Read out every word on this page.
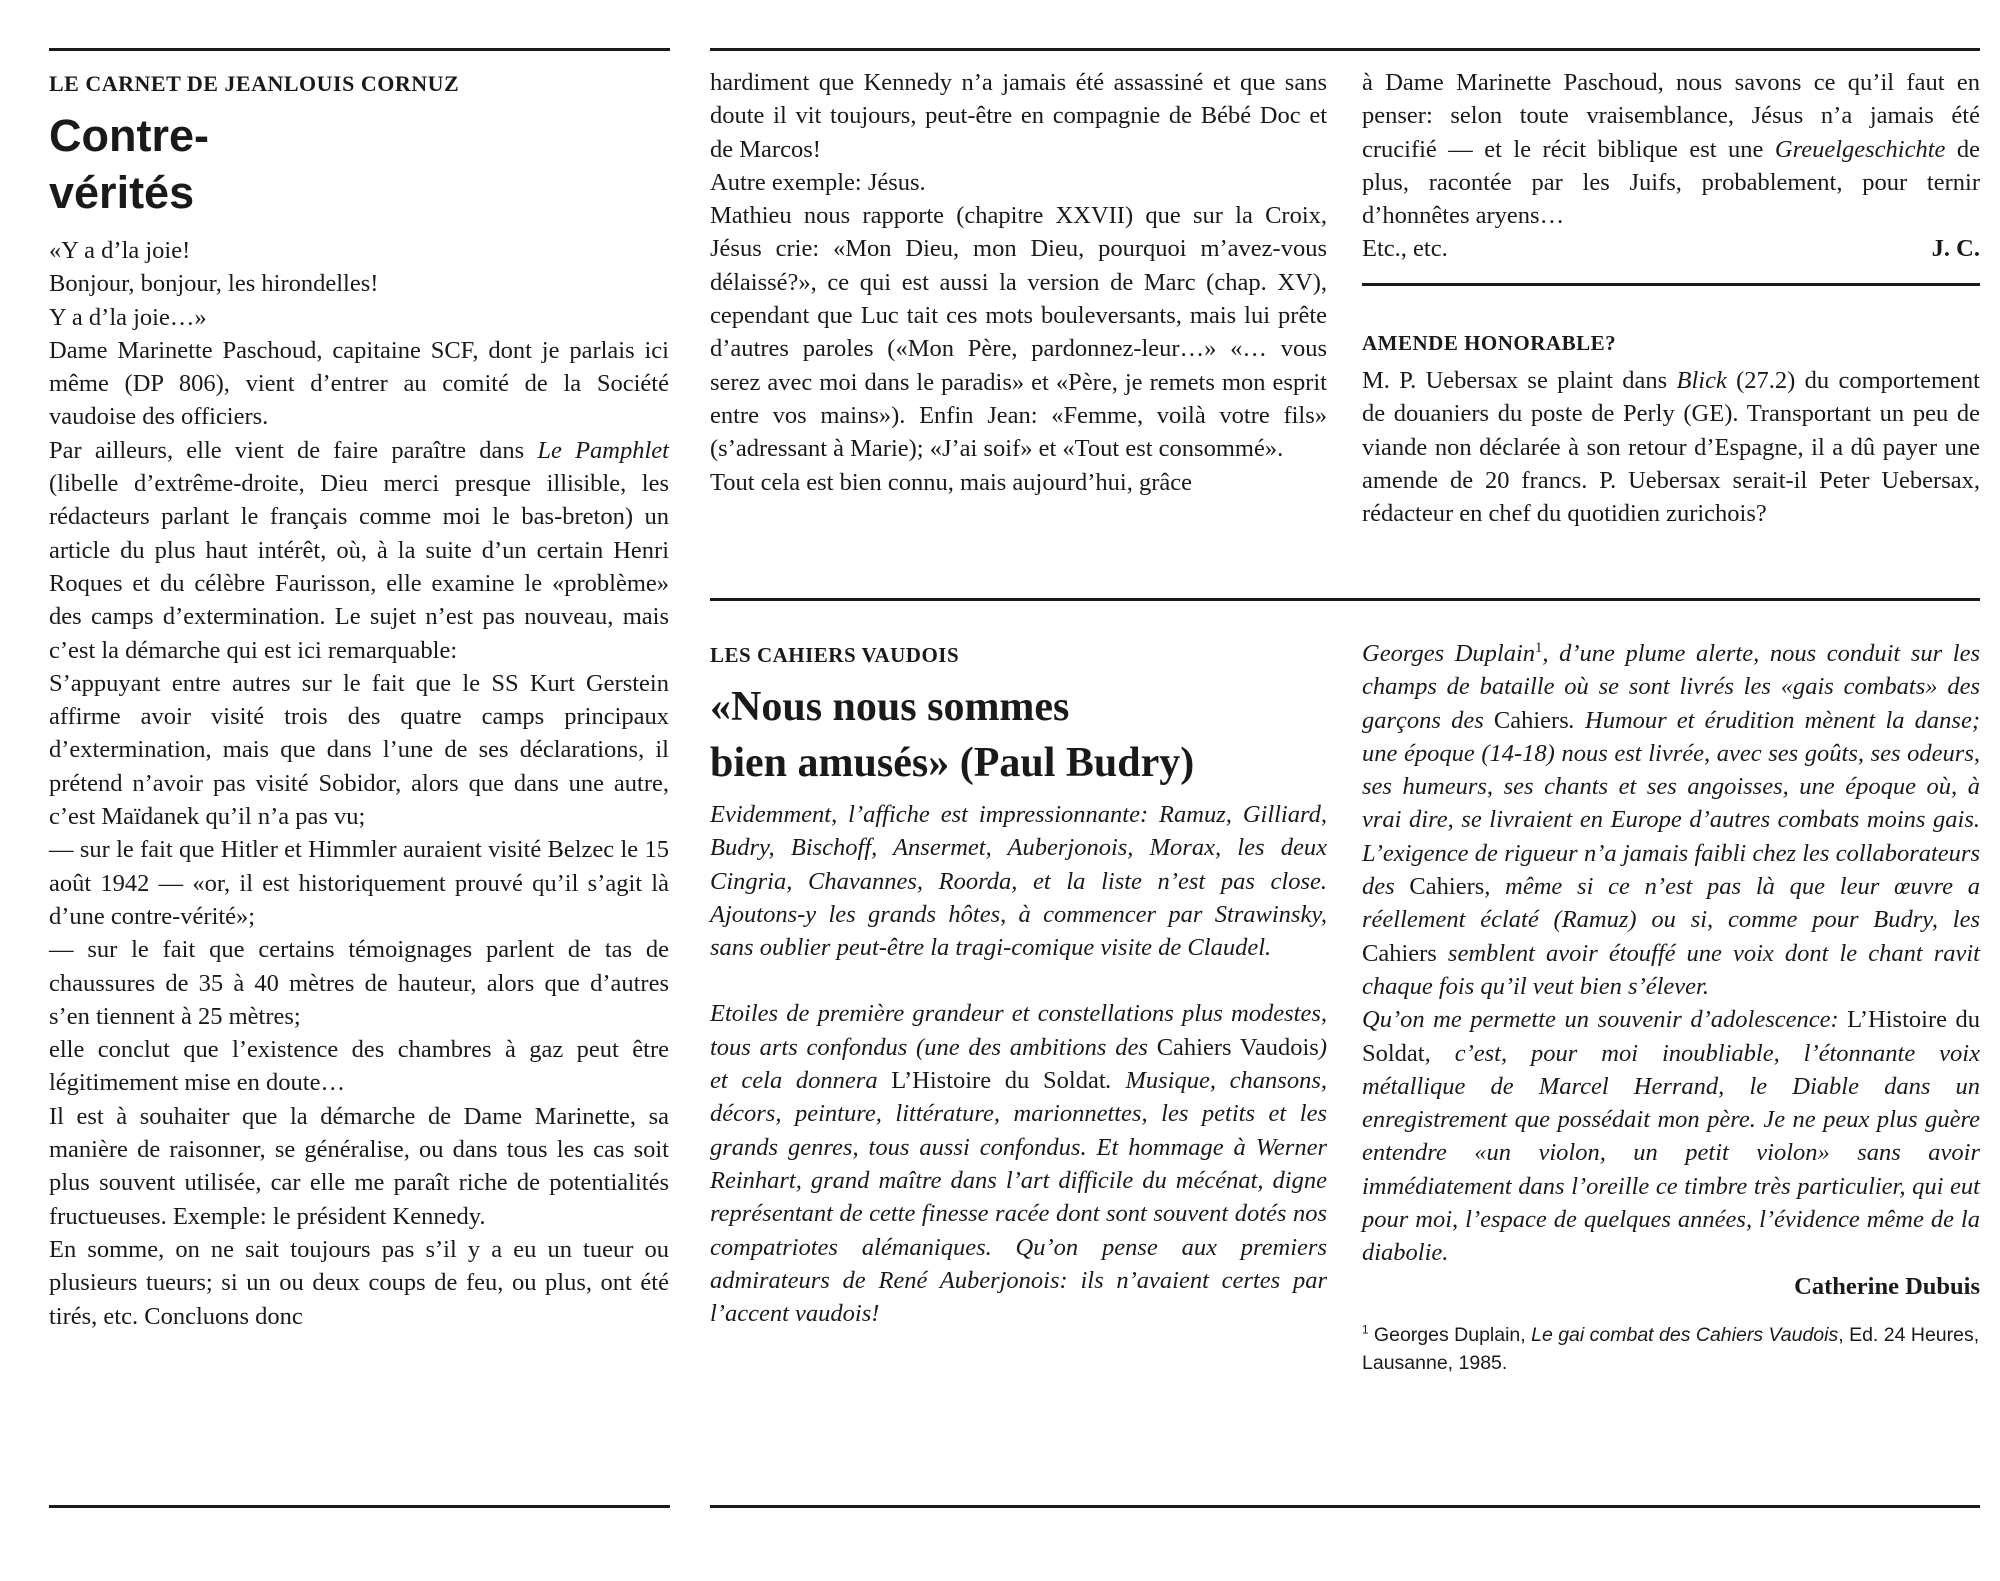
LE CARNET DE JEANLOUIS CORNUZ
Contre-
vérités

«Y a d’la joie!

Bonjour, bonjour, les hirondelles!

Y a d’la joie…»

Dame Marinette Paschoud, capitaine SCF, dont je parlais ici même (DP 806), vient d’entrer au comité de la Société vaudoise des officiers.

Par ailleurs, elle vient de faire paraître dans Le Pamphlet (libelle d’extrême-droite, Dieu merci presque illisible, les rédacteurs parlant le français comme moi le bas-breton) un article du plus haut intérêt, où, à la suite d’un certain Henri Roques et du célèbre Faurisson, elle examine le «problème» des camps d’extermination. Le sujet n’est pas nouveau, mais c’est la démarche qui est ici remarquable:

S’appuyant entre autres sur le fait que le SS Kurt Gerstein affirme avoir visité trois des quatre camps principaux d’extermination, mais que dans l’une de ses déclarations, il prétend n’avoir pas visité Sobidor, alors que dans une autre, c’est Maïdanek qu’il n’a pas vu;

— sur le fait que Hitler et Himmler auraient visité Belzec le 15 août 1942 — «or, il est historiquement prouvé qu’il s’agit là d’une contre-vérité»;

— sur le fait que certains témoignages parlent de tas de chaussures de 35 à 40 mètres de hauteur, alors que d’autres s’en tiennent à 25 mètres;

elle conclut que l’existence des chambres à gaz peut être légitimement mise en doute…

Il est à souhaiter que la démarche de Dame Marinette, sa manière de raisonner, se généralise, ou dans tous les cas soit plus souvent utilisée, car elle me paraît riche de potentialités fructueuses. Exemple: le président Kennedy.

En somme, on ne sait toujours pas s’il y a eu un tueur ou plusieurs tueurs; si un ou deux coups de feu, ou plus, ont été tirés, etc. Concluons donc

hardiment que Kennedy n’a jamais été assassiné et que sans doute il vit toujours, peut-être en compagnie de Bébé Doc et de Marcos!

Autre exemple: Jésus.

Mathieu nous rapporte (chapitre XXVII) que sur la Croix, Jésus crie: «Mon Dieu, mon Dieu, pourquoi m’avez-vous délaissé?», ce qui est aussi la version de Marc (chap. XV), cependant que Luc tait ces mots bouleversants, mais lui prête d’autres paroles («Mon Père, pardonnez-leur…» «… vous serez avec moi dans le paradis» et «Père, je remets mon esprit entre vos mains»). Enfin Jean: «Femme, voilà votre fils» (s’adressant à Marie); «J’ai soif» et «Tout est consommé».

Tout cela est bien connu, mais aujourd’hui, grâce

à Dame Marinette Paschoud, nous savons ce qu’il faut en penser: selon toute vraisemblance, Jésus n’a jamais été crucifié — et le récit biblique est une Greuelgeschichte de plus, racontée par les Juifs, probablement, pour ternir d’honnêtes aryens…

Etc., etc.	J. C.

AMENDE HONORABLE?

M. P. Uebersax se plaint dans Blick (27.2) du comportement de douaniers du poste de Perly (GE). Transportant un peu de viande non déclarée à son retour d’Espagne, il a dû payer une amende de 20 francs. P. Uebersax serait-il Peter Uebersax, rédacteur en chef du quotidien zurichois?

LES CAHIERS VAUDOIS
«Nous nous sommes
bien amusés» (Paul Budry)

Evidemment, l’affiche est impressionnante: Ramuz, Gilliard, Budry, Bischoff, Ansermet, Auberjonois, Morax, les deux Cingria, Chavannes, Roorda, et la liste n’est pas close. Ajoutons-y les grands hôtes, à commencer par Strawinsky, sans oublier peut-être la tragi-comique visite de Claudel.

Etoiles de première grandeur et constellations plus modestes, tous arts confondus (une des ambitions des Cahiers Vaudois) et cela donnera L’Histoire du Soldat. Musique, chansons, décors, peinture, littérature, marionnettes, les petits et les grands genres, tous aussi confondus. Et hommage à Werner Reinhart, grand maître dans l’art difficile du mécénat, digne représentant de cette finesse racée dont sont souvent dotés nos compatriotes alémaniques. Qu’on pense aux premiers admirateurs de René Auberjonois: ils n’avaient certes par l’accent vaudois!

Georges Duplain$^1$, d’une plume alerte, nous conduit sur les champs de bataille où se sont livrés les «gais combats» des garçons des Cahiers. Humour et érudition mènent la danse; une époque (14-18) nous est livrée, avec ses goûts, ses odeurs, ses humeurs, ses chants et ses angoisses, une époque où, à vrai dire, se livraient en Europe d’autres combats moins gais. L’exigence de rigueur n’a jamais faibli chez les collaborateurs des Cahiers, même si ce n’est pas là que leur œuvre a réellement éclaté (Ramuz) ou si, comme pour Budry, les Cahiers semblent avoir étouffé une voix dont le chant ravit chaque fois qu’il veut bien s’élever.

Qu’on me permette un souvenir d’adolescence: L’Histoire du Soldat, c’est, pour moi inoubliable, l’étonnante voix métallique de Marcel Herrand, le Diable dans un enregistrement que possédait mon père. Je ne peux plus guère entendre «un violon, un petit violon» sans avoir immédiatement dans l’oreille ce timbre très particulier, qui eut pour moi, l’espace de quelques années, l’évidence même de la diabolie.

Catherine Dubuis

$^1$ Georges Duplain, Le gai combat des Cahiers Vaudois, Ed. 24 Heures, Lausanne, 1985.
